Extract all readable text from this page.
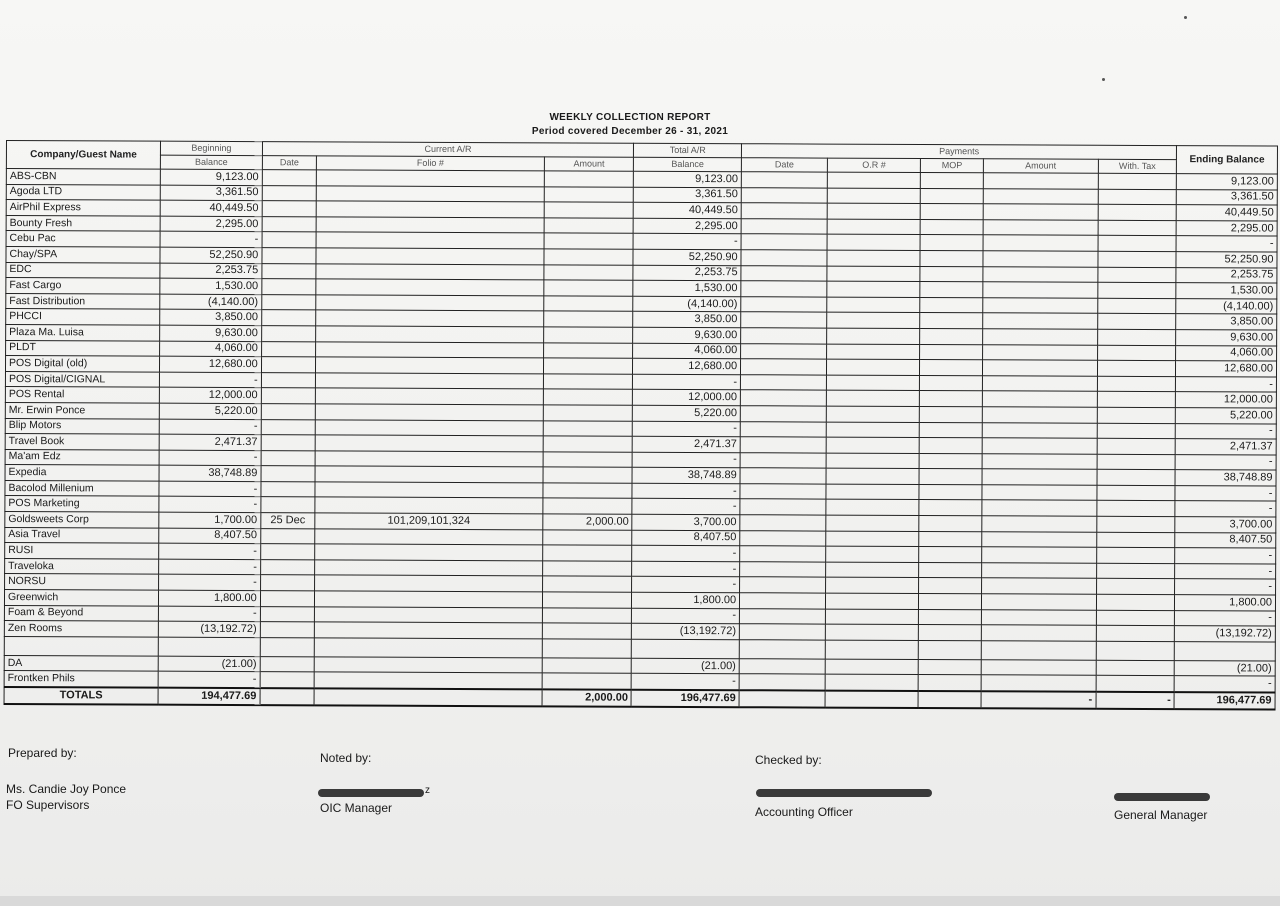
WEEKLY COLLECTION REPORT
Period covered December 26 - 31, 2021
Company/Guest Name	Beginning	Current A/R			Total A/R	Payments					Ending Balance
	Balance	Date	Folio #	Amount	Balance	Date	O.R #	MOP	Amount	With. Tax	
ABS-CBN	9,123.00				9,123.00						9,123.00
Agoda LTD	3,361.50				3,361.50						3,361.50
AirPhil Express	40,449.50				40,449.50						40,449.50
Bounty Fresh	2,295.00				2,295.00						2,295.00
Cebu Pac	-				-						-
Chay/SPA	52,250.90				52,250.90						52,250.90
EDC	2,253.75				2,253.75						2,253.75
Fast Cargo	1,530.00				1,530.00						1,530.00
Fast Distribution	(4,140.00)				(4,140.00)						(4,140.00)
PHCCI	3,850.00				3,850.00						3,850.00
Plaza Ma. Luisa	9,630.00				9,630.00						9,630.00
PLDT	4,060.00				4,060.00						4,060.00
POS Digital (old)	12,680.00				12,680.00						12,680.00
POS Digital/CIGNAL	-				-						-
POS Rental	12,000.00				12,000.00						12,000.00
Mr. Erwin Ponce	5,220.00				5,220.00						5,220.00
Blip Motors	-				-						-
Travel Book	2,471.37				2,471.37						2,471.37
Ma'am Edz	-				-						-
Expedia	38,748.89				38,748.89						38,748.89
Bacolod Millenium	-				-						-
POS Marketing	-				-						-
Goldsweets Corp	1,700.00	25 Dec	101,209,101,324	2,000.00	3,700.00						3,700.00
Asia Travel	8,407.50				8,407.50						8,407.50
RUSI	-				-						-
Traveloka	-				-						-
NORSU	-				-						-
Greenwich	1,800.00				1,800.00						1,800.00
Foam & Beyond	-				-						-
Zen Rooms	(13,192.72)				(13,192.72)						(13,192.72)

DA	(21.00)				(21.00)						(21.00)
Frontken Phils	-				-						-
TOTALS	194,477.69			2,000.00	196,477.69				-	-	196,477.69
Prepared by:
Ms. Candie Joy Ponce
FO Supervisors
Noted by:
z
OIC Manager
Checked by:
Accounting Officer	General Manager
